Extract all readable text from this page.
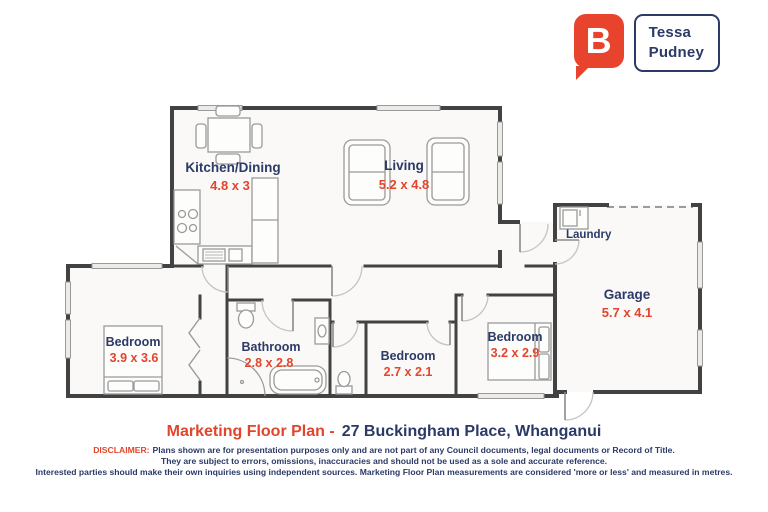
B Tessa
Pudney
Kitchen/Dining
4.8 x 3
Living
5.2 x 4.8
Laundry
Garage
5.7 x 4.1
Bedroom
3.9 x 3.6
Bathroom
2.8 x 2.8	Bedroom
2.7 x 2.1
Bedroom
3.2 x 2.9
Marketing Floor Plan - 27 Buckingham Place, Whanganui
DISCLAIMER: Plans shown are for presentation purposes only and are not part of any Council documents, legal documents or Record of Title.
They are subject to errors, omissions, inaccuracies and should not be used as a sole and accurate reference.
Interested parties should make their own inquiries using independent sources. Marketing Floor Plan measurements are considered 'more or less' and measured in metres.
